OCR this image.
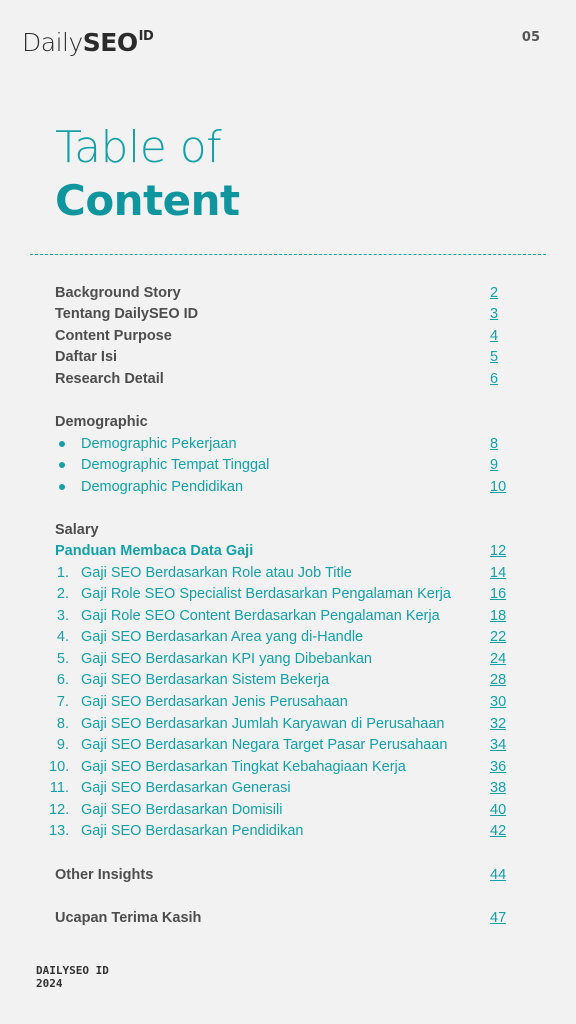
DailySEO$^{ID}$	05
Table of
Content
Background Story	2
Tentang DailySEO ID	3
Content Purpose	4
Daftar Isi	5
Research Detail	6
Demographic
Demographic Pekerjaan	8
Demographic Tempat Tinggal	9
Demographic Pendidikan	10
Salary
Panduan Membaca Data Gaji	12
1. Gaji SEO Berdasarkan Role atau Job Title	14
2. Gaji Role SEO Specialist Berdasarkan Pengalaman Kerja	16
3. Gaji Role SEO Content Berdasarkan Pengalaman Kerja	18
4. Gaji SEO Berdasarkan Area yang di-Handle	22
5. Gaji SEO Berdasarkan KPI yang Dibebankan	24
6. Gaji SEO Berdasarkan Sistem Bekerja	28
7. Gaji SEO Berdasarkan Jenis Perusahaan	30
8. Gaji SEO Berdasarkan Jumlah Karyawan di Perusahaan	32
9. Gaji SEO Berdasarkan Negara Target Pasar Perusahaan	34
10. Gaji SEO Berdasarkan Tingkat Kebahagiaan Kerja	36
11. Gaji SEO Berdasarkan Generasi	38
12. Gaji SEO Berdasarkan Domisili	40
13. Gaji SEO Berdasarkan Pendidikan	42
Other Insights	44
Ucapan Terima Kasih	47
DAILYSEO ID
2024
